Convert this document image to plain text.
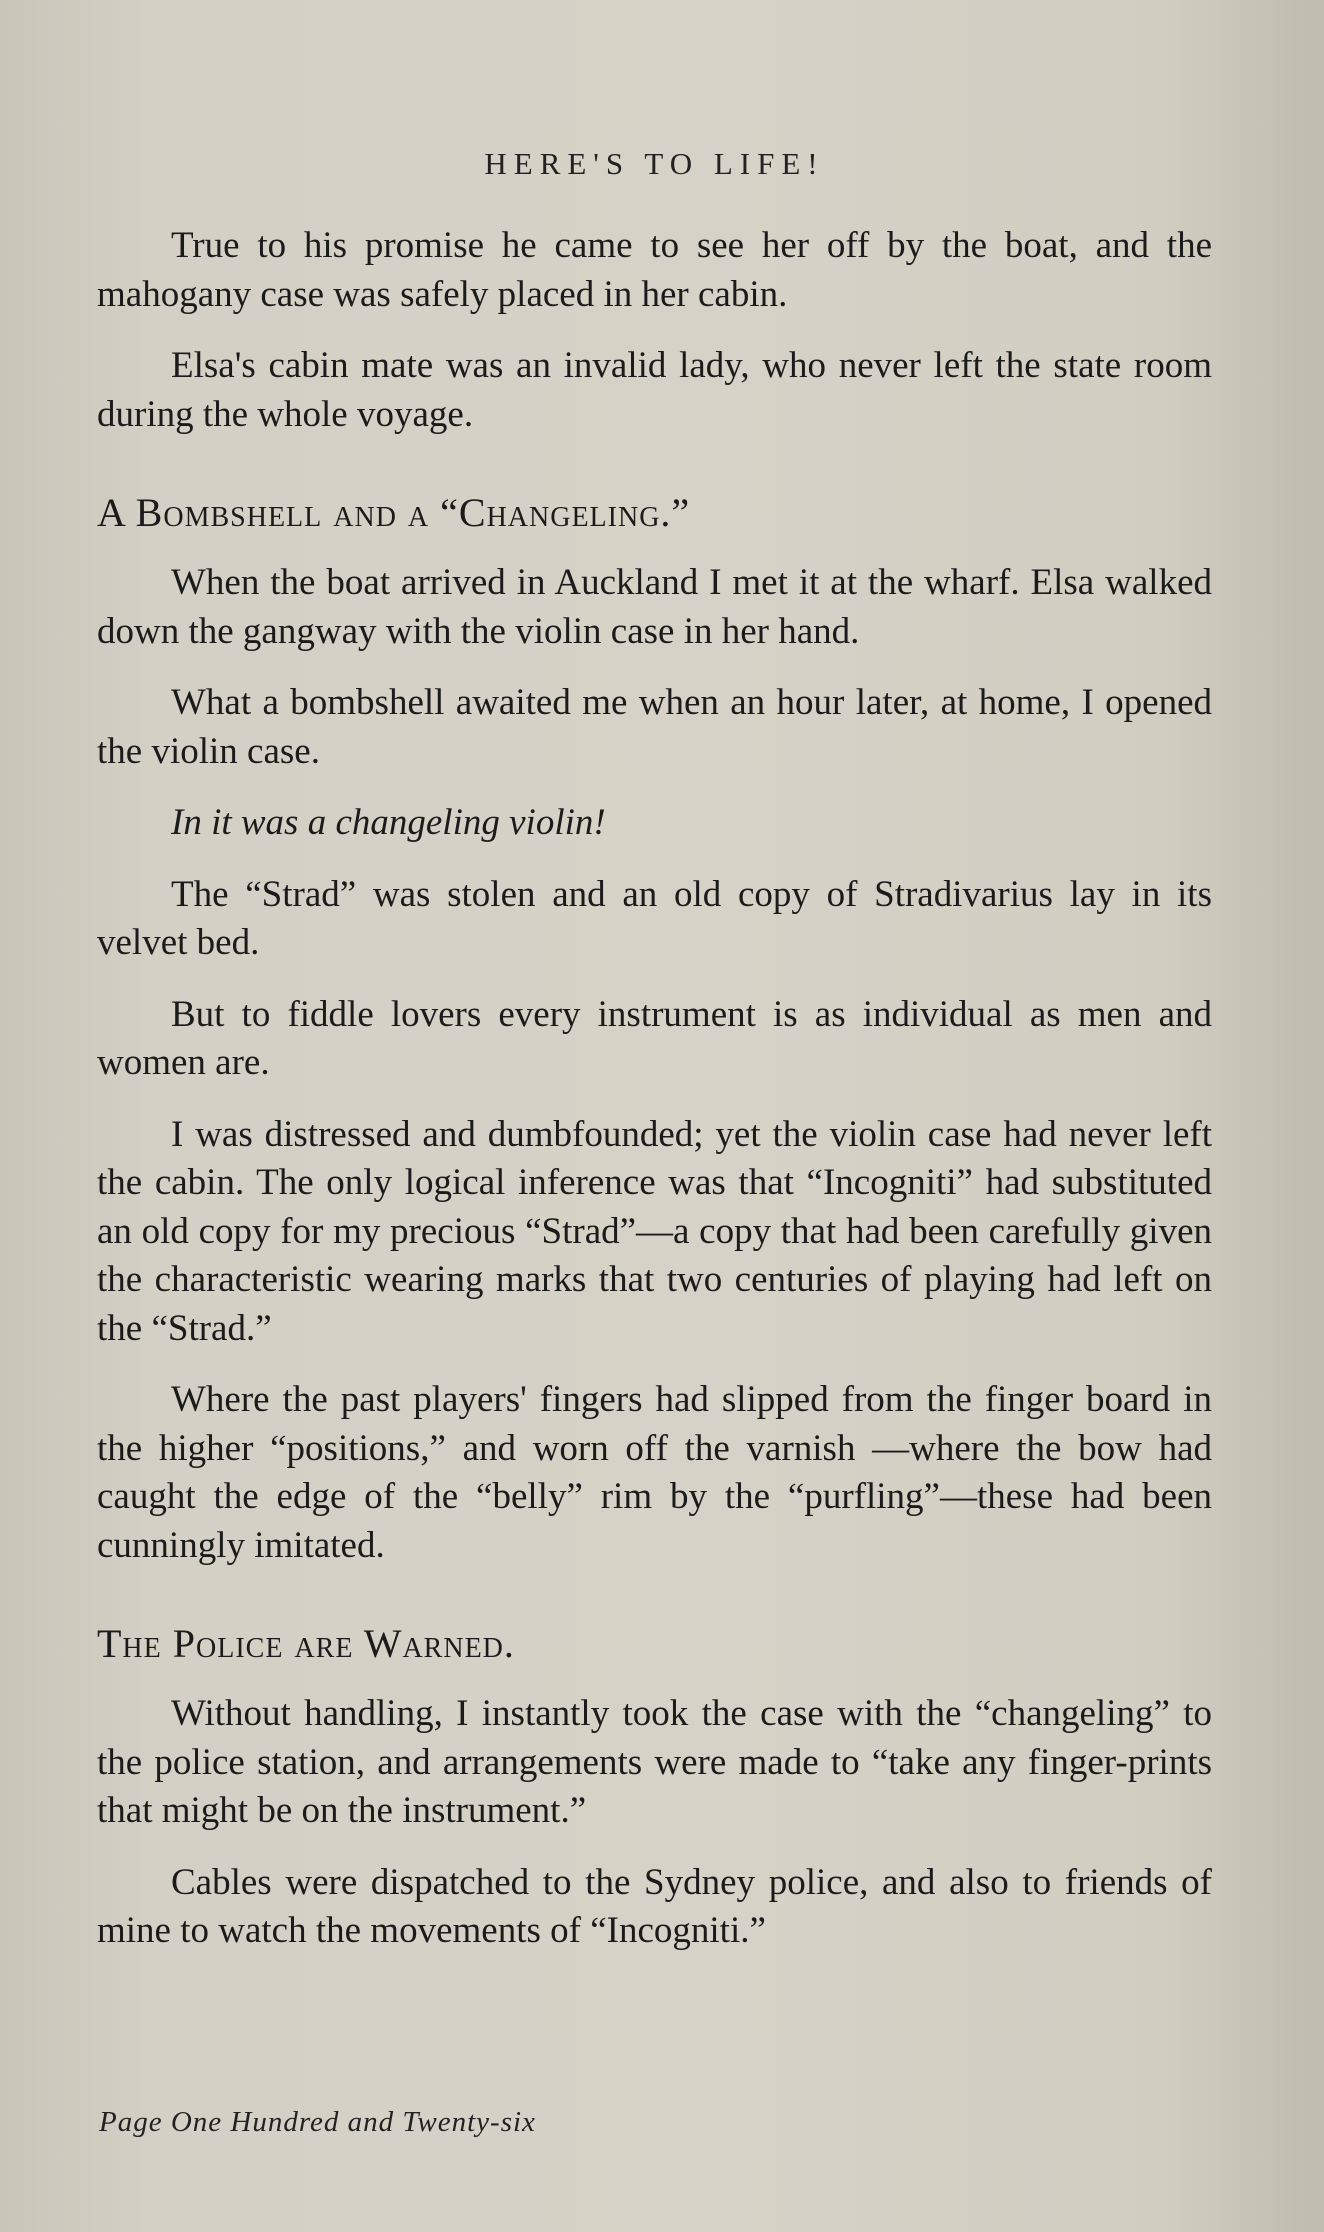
HERE'S TO LIFE!

True to his promise he came to see her off by the boat, and the mahogany case was safely placed in her cabin.

Elsa's cabin mate was an invalid lady, who never left the state room during the whole voyage.

A Bombshell and a “Changeling.”

When the boat arrived in Auckland I met it at the wharf. Elsa walked down the gangway with the violin case in her hand.

What a bombshell awaited me when an hour later, at home, I opened the violin case.

In it was a changeling violin!

The “Strad” was stolen and an old copy of Stradivarius lay in its velvet bed.

But to fiddle lovers every instrument is as individual as men and women are.

I was distressed and dumbfounded; yet the violin case had never left the cabin. The only logical inference was that “Incogniti” had substituted an old copy for my precious “Strad”—a copy that had been carefully given the characteristic wearing marks that two centuries of playing had left on the “Strad.”

Where the past players' fingers had slipped from the finger board in the higher “positions,” and worn off the varnish —where the bow had caught the edge of the “belly” rim by the “purfling”—these had been cunningly imitated.

The Police are Warned.

Without handling, I instantly took the case with the “changeling” to the police station, and arrangements were made to “take any finger-prints that might be on the instrument.”

Cables were dispatched to the Sydney police, and also to friends of mine to watch the movements of “Incogniti.”

Page One Hundred and Twenty-six
